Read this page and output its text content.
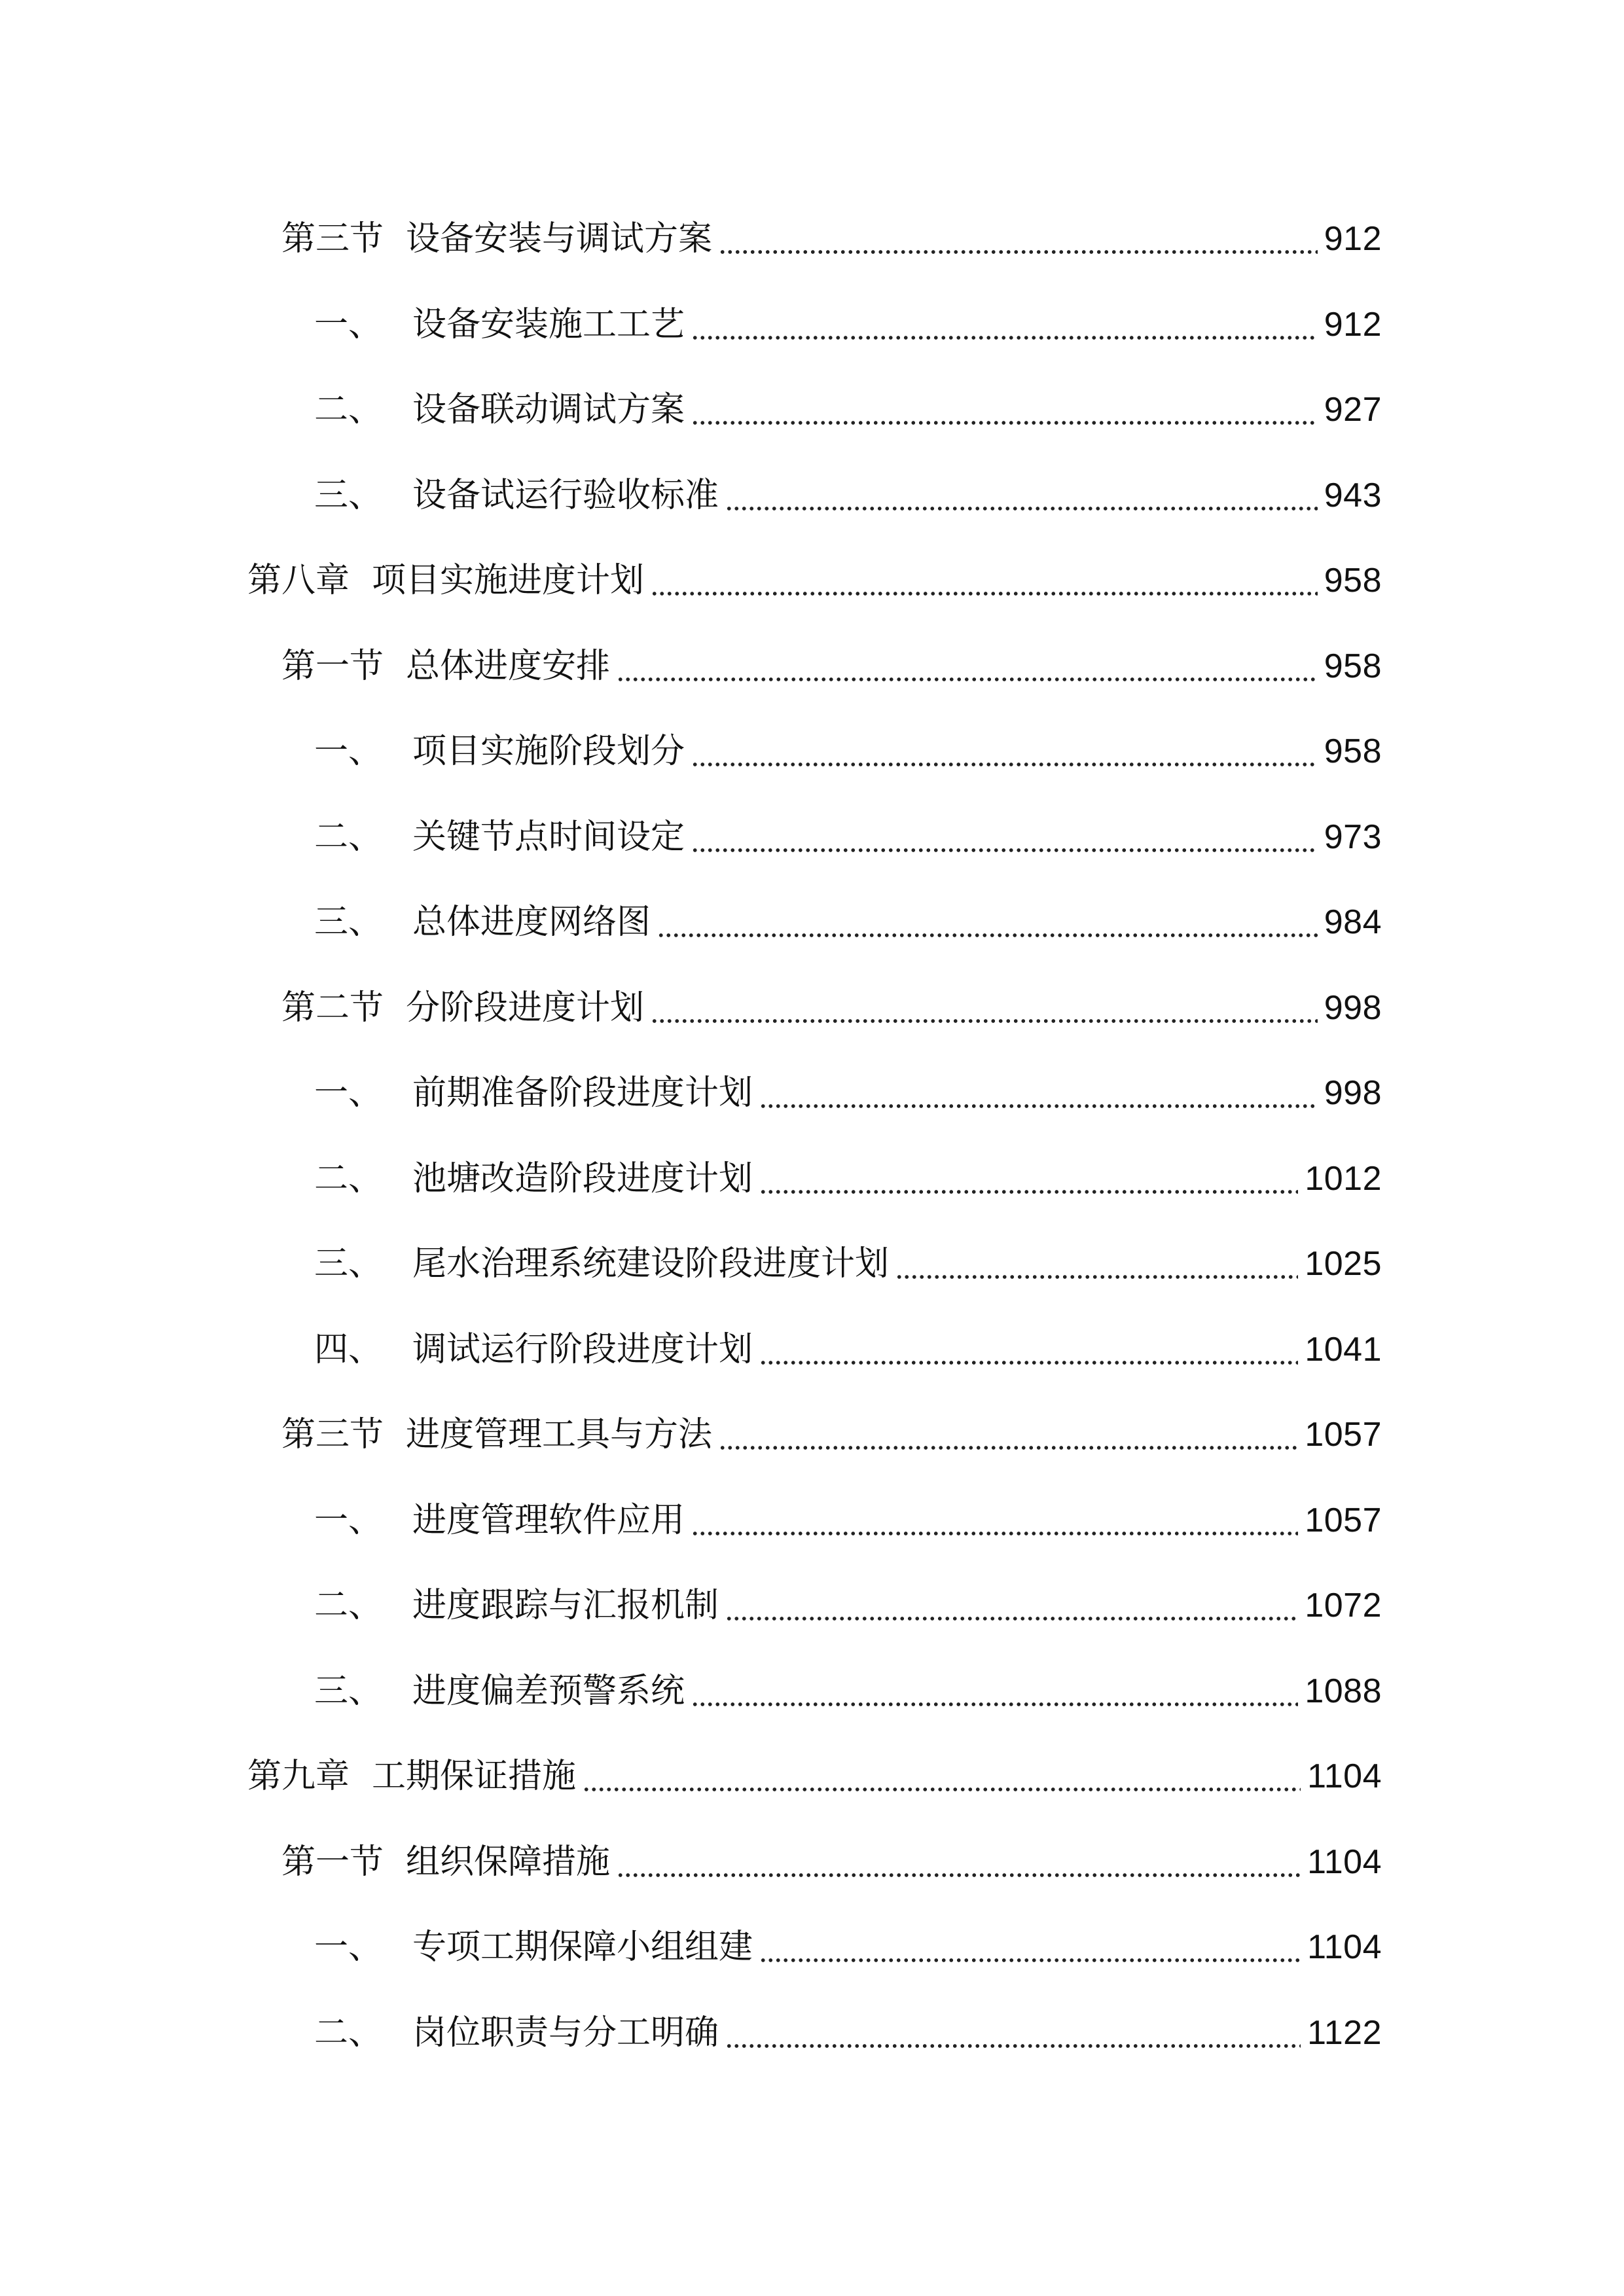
第三节 设备安装与调试方案	912
一、 设备安装施工工艺	912
二、 设备联动调试方案	927
三、 设备试运行验收标准	943
第八章 项目实施进度计划	958
第一节 总体进度安排	958
一、 项目实施阶段划分	958
二、 关键节点时间设定	973
三、 总体进度网络图	984
第二节 分阶段进度计划	998
一、 前期准备阶段进度计划	998
二、 池塘改造阶段进度计划	1012
三、 尾水治理系统建设阶段进度计划	1025
四、 调试运行阶段进度计划	1041
第三节 进度管理工具与方法	1057
一、 进度管理软件应用	1057
二、 进度跟踪与汇报机制	1072
三、 进度偏差预警系统	1088
第九章 工期保证措施	1104
第一节 组织保障措施	1104
一、 专项工期保障小组组建	1104
二、 岗位职责与分工明确	1122
